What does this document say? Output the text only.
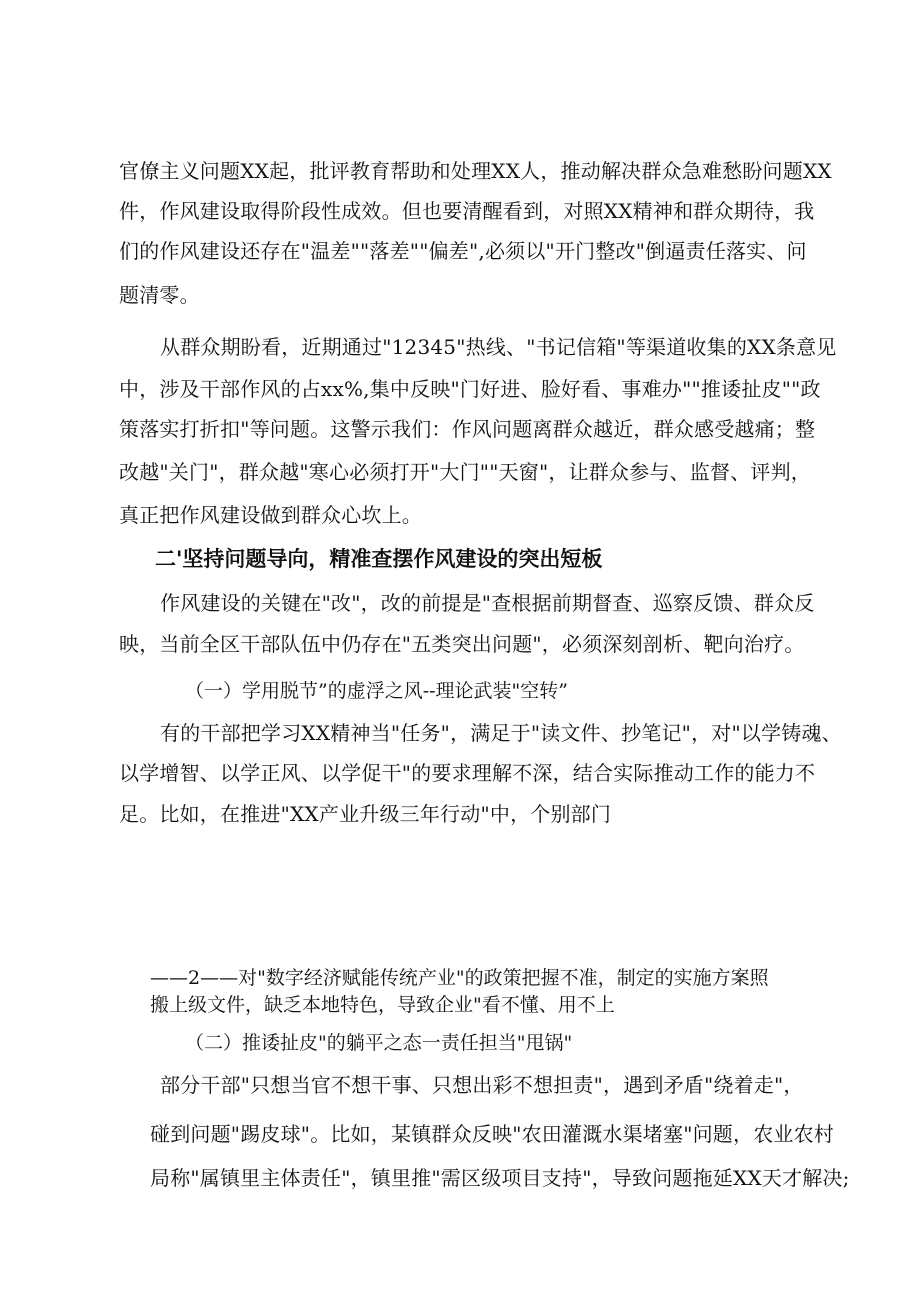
官僚主义问题XX起，批评教育帮助和处理XX人，推动解决群众急难愁盼问题XX
件，作风建设取得阶段性成效。但也要清醒看到，对照XX精神和群众期待，我
们的作风建设还存在"温差""落差""偏差",必须以"开门整改"倒逼责任落实、问
题清零。
从群众期盼看，近期通过"12345"热线、"书记信箱"等渠道收集的XX条意见
中，涉及干部作风的占xx%,集中反映"门好进、脸好看、事难办""推诿扯皮""政
策落实打折扣"等问题。这警示我们：作风问题离群众越近，群众感受越痛；整
改越"关门"，群众越"寒心必须打开"大门""天窗"，让群众参与、监督、评判，
真正把作风建设做到群众心坎上。
二'坚持问题导向，精准查摆作风建设的突出短板
作风建设的关键在"改"，改的前提是"查根据前期督查、巡察反馈、群众反
映，当前全区干部队伍中仍存在"五类突出问题"，必须深刻剖析、靶向治疗。
（一）学用脱节”的虚浮之风--理论武装"空转”
有的干部把学习XX精神当"任务"，满足于"读文件、抄笔记"，对"以学铸魂、
以学增智、以学正风、以学促干"的要求理解不深，结合实际推动工作的能力不
足。比如，在推进"XX产业升级三年行动"中，个别部门
——2——对"数字经济赋能传统产业"的政策把握不准，制定的实施方案照
搬上级文件，缺乏本地特色，导致企业"看不懂、用不上
（二）推诿扯皮"的躺平之态一责任担当"甩锅"
部分干部"只想当官不想干事、只想出彩不想担责"，遇到矛盾"绕着走"，
碰到问题"踢皮球"。比如，某镇群众反映"农田灌溉水渠堵塞"问题，农业农村
局称"属镇里主体责任"，镇里推"需区级项目支持"，导致问题拖延XX天才解决;
